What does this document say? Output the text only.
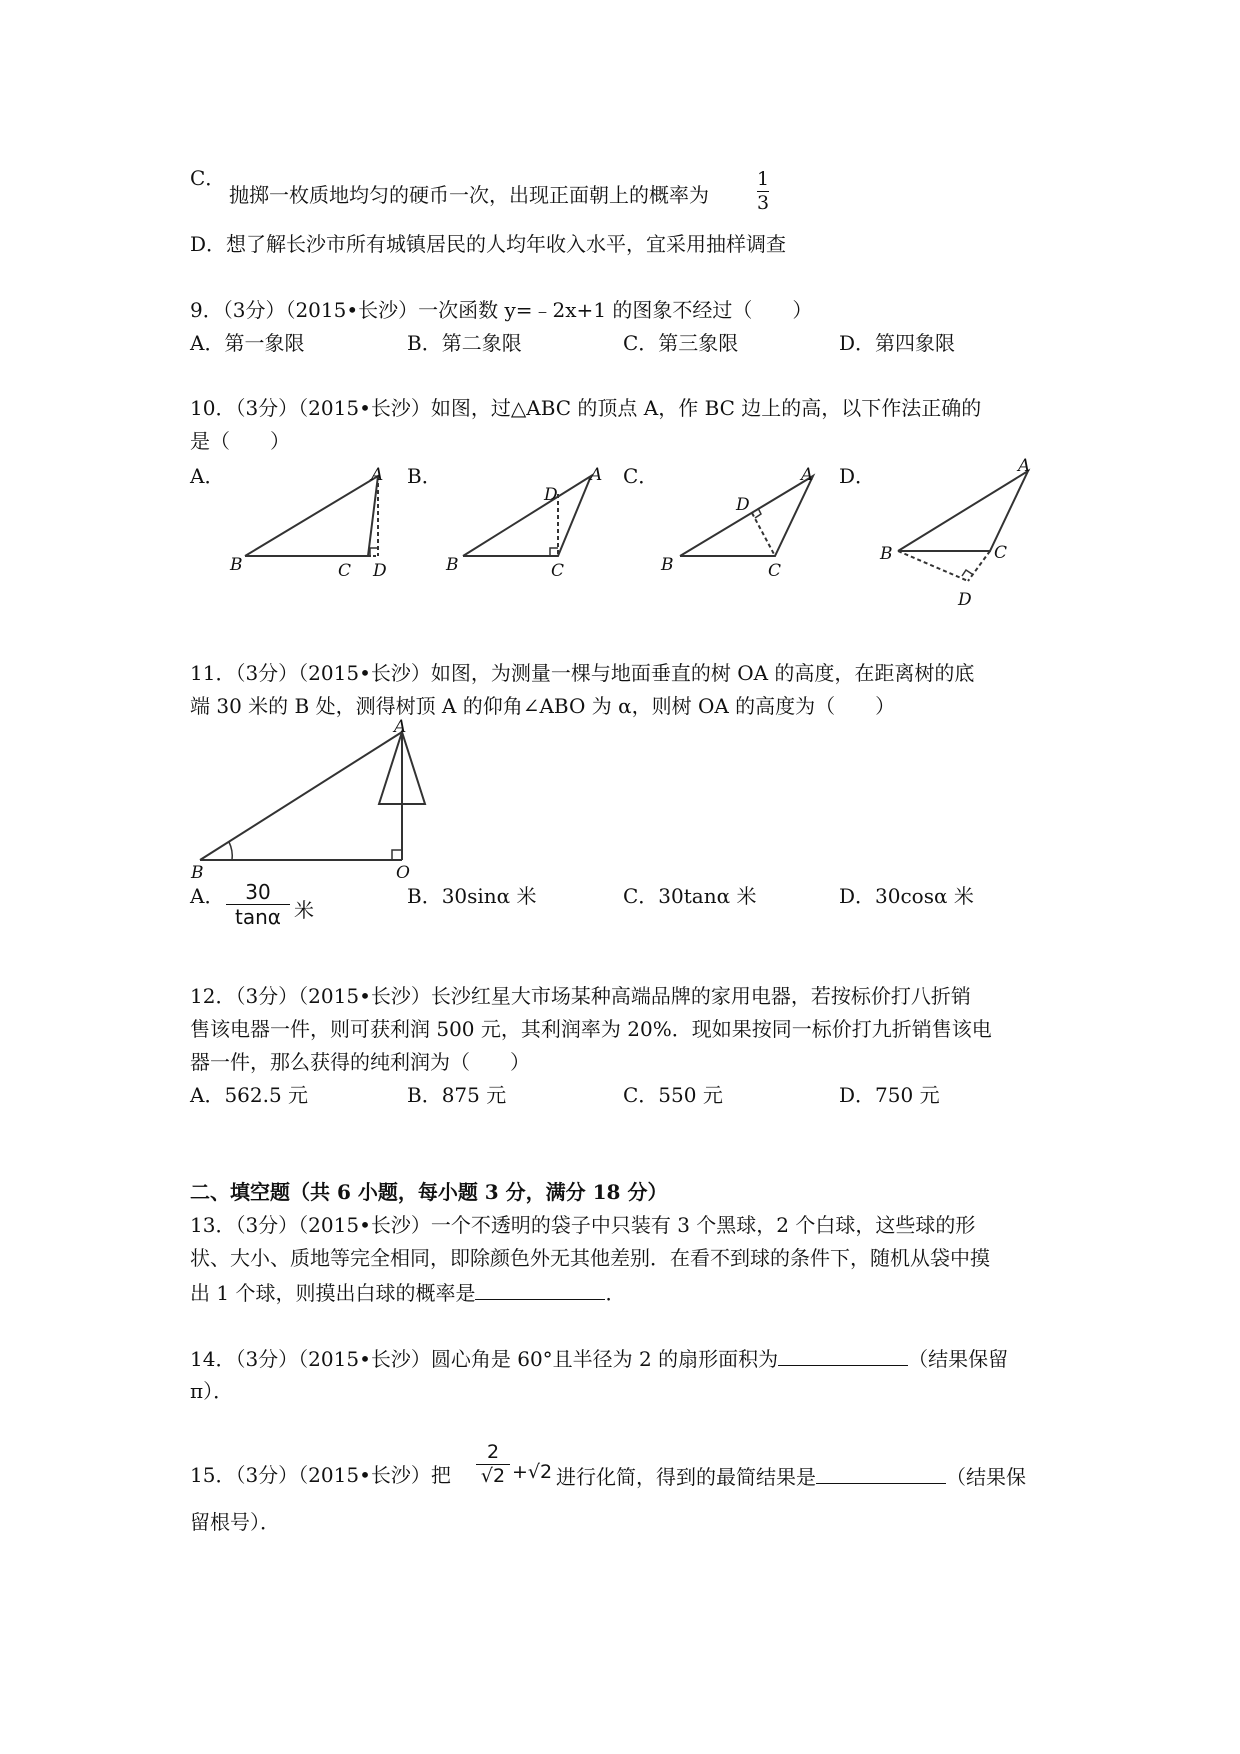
C．
抛掷一枚质地均匀的硬币一次，出现正面朝上的概率为
1
3
D．想了解长沙市所有城镇居民的人均年收入水平，宜采用抽样调查
9．（3分）（2015•长沙）一次函数 y=﹣2x+1 的图象不经过（　　）
A．第一象限	B．第二象限	C．第三象限	D．第四象限
10．（3分）（2015•长沙）如图，过△ABC 的顶点 A，作 BC 边上的高，以下作法正确的
是（　　）
A．	B．	C．	D．
A
B	C D
D
A
B	C
A
D
B	C
A
B	C
D
11．（3分）（2015•长沙）如图，为测量一棵与地面垂直的树 OA 的高度，在距离树的底
端 30 米的 B 处，测得树顶 A 的仰角∠ABO 为 α，则树 OA 的高度为（　　）
A
B	O
A．	30
tanα 米
B．30sinα 米	C．30tanα 米	D．30cosα 米
12．（3分）（2015•长沙）长沙红星大市场某种高端品牌的家用电器，若按标价打八折销
售该电器一件，则可获利润 500 元，其利润率为 20%．现如果按同一标价打九折销售该电
器一件，那么获得的纯利润为（　　）
A．562.5 元	B．875 元	C．550 元	D．750 元
二、填空题（共 6 小题，每小题 3 分，满分 18 分）
13．（3分）（2015•长沙）一个不透明的袋子中只装有 3 个黑球，2 个白球，这些球的形
状、大小、质地等完全相同，即除颜色外无其他差别．在看不到球的条件下，随机从袋中摸
出 1 个球，则摸出白球的概率是	．
14．（3分）（2015•长沙）圆心角是 60°且半径为 2 的扇形面积为	（结果保留
π）．
15．（3分）（2015•长沙）把
2
√2 +√2 进行化简，得到的最简结果是	（结果保
留根号）．
